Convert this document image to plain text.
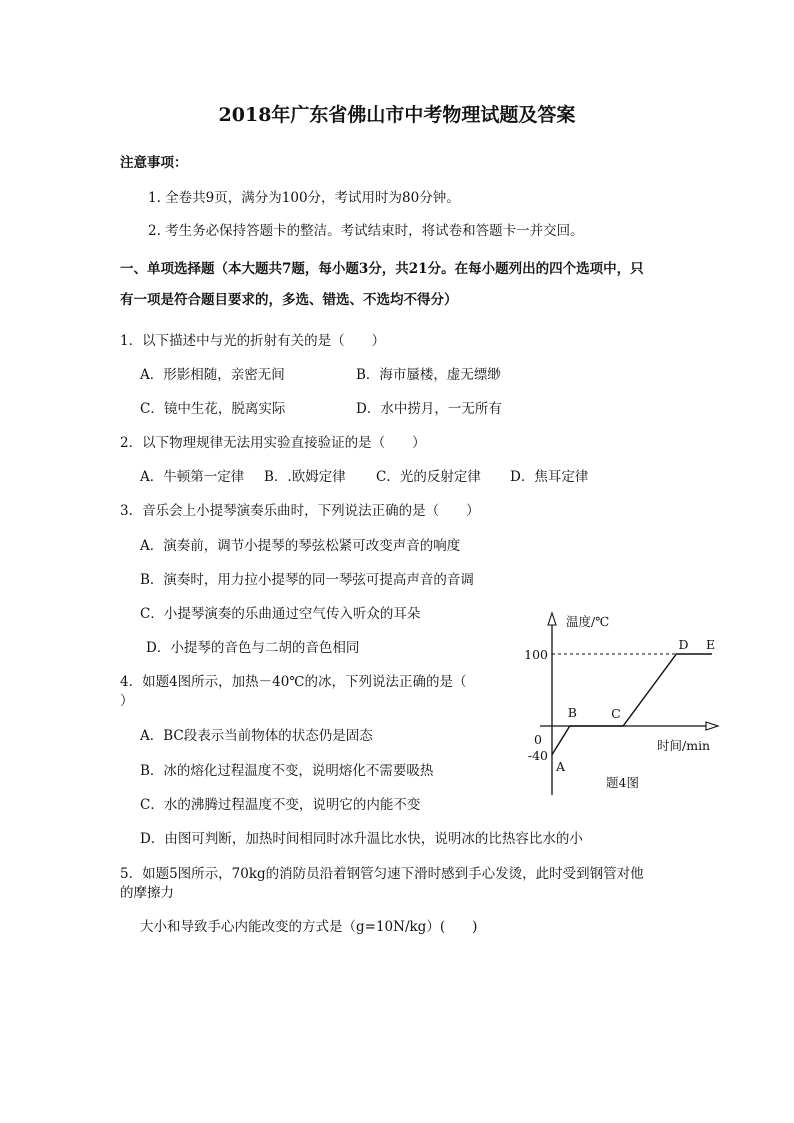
2018年广东省佛山市中考物理试题及答案
注意事项：
1. 全卷共9页，满分为100分，考试用时为80分钟。
2. 考生务必保持答题卡的整洁。考试结束时，将试卷和答题卡一并交回。
一、单项选择题（本大题共7题，每小题3分，共21分。在每小题列出的四个选项中，只
有一项是符合题目要求的，多选、错选、不选均不得分）
1．以下描述中与光的折射有关的是（　　）
A．形影相随，亲密无间	B．海市蜃楼，虚无缥缈
C．镜中生花，脱离实际	D．水中捞月，一无所有
2．以下物理规律无法用实验直接验证的是（　　）
A．牛顿第一定律 B．.欧姆定律 C．光的反射定律 D．焦耳定律
3．音乐会上小提琴演奏乐曲时，下列说法正确的是（　　）
A．演奏前，调节小提琴的琴弦松紧可改变声音的响度
B．演奏时，用力拉小提琴的同一琴弦可提高声音的音调
C．小提琴演奏的乐曲通过空气传入听众的耳朵
D．小提琴的音色与二胡的音色相同
4．如题4图所示，加热－40℃的冰，下列说法正确的是（
）
A．BC段表示当前物体的状态仍是固态
B．冰的熔化过程温度不变，说明熔化不需要吸热
C．水的沸腾过程温度不变，说明它的内能不变
D．由图可判断，加热时间相同时冰升温比水快，说明冰的比热容比水的小
5．如题5图所示，70kg的消防员沿着钢管匀速下滑时感到手心发烫，此时受到钢管对他
的摩擦力
大小和导致手心内能改变的方式是（g=10N/kg）(　　)
温度/℃
时间/min
100
0
-40
A
B	C
D E
题4图
